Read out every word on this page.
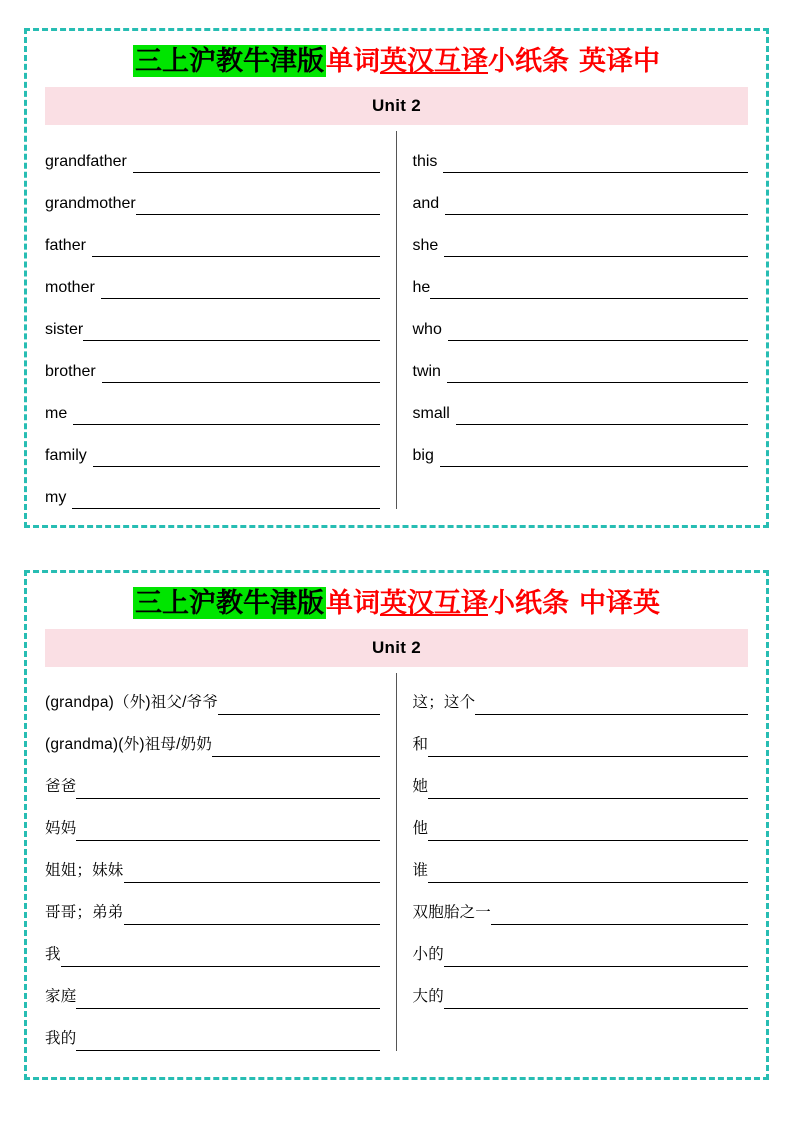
三上沪教牛津版单词英汉互译小纸条 英译中
Unit 2
grandfather
grandmother
father
mother
sister
brother
me
family
my
this
and
she
he
who
twin
small
big
三上沪教牛津版单词英汉互译小纸条 中译英
Unit 2
(grandpa)（外)祖父/爷爷
(grandma)(外)祖母/奶奶
爸爸
妈妈
姐姐；妹妹
哥哥；弟弟
我
家庭
我的
这；这个
和
她
他
谁
双胞胎之一
小的
大的
